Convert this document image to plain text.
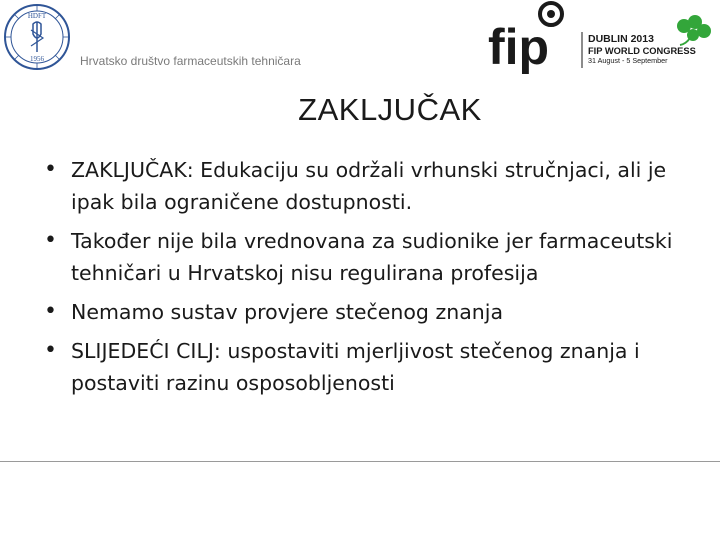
HDFT
1956	Hrvatsko društvo farmaceutskih tehničara	fip	DUBLIN 2013
FIP WORLD CONGRESS
31 August - 5 September
ZAKLJUČAK
• ZAKLJUČAK: Edukaciju su održali vrhunski stručnjaci, ali je ipak bila ograničene dostupnosti.
• Također nije bila vrednovana za sudionike jer farmaceutski tehničari u Hrvatskoj nisu regulirana profesija
• Nemamo sustav provjere stečenog znanja
• SLIJEDEĆI CILJ: uspostaviti mjerljivost stečenog znanja i postaviti razinu osposobljenosti
